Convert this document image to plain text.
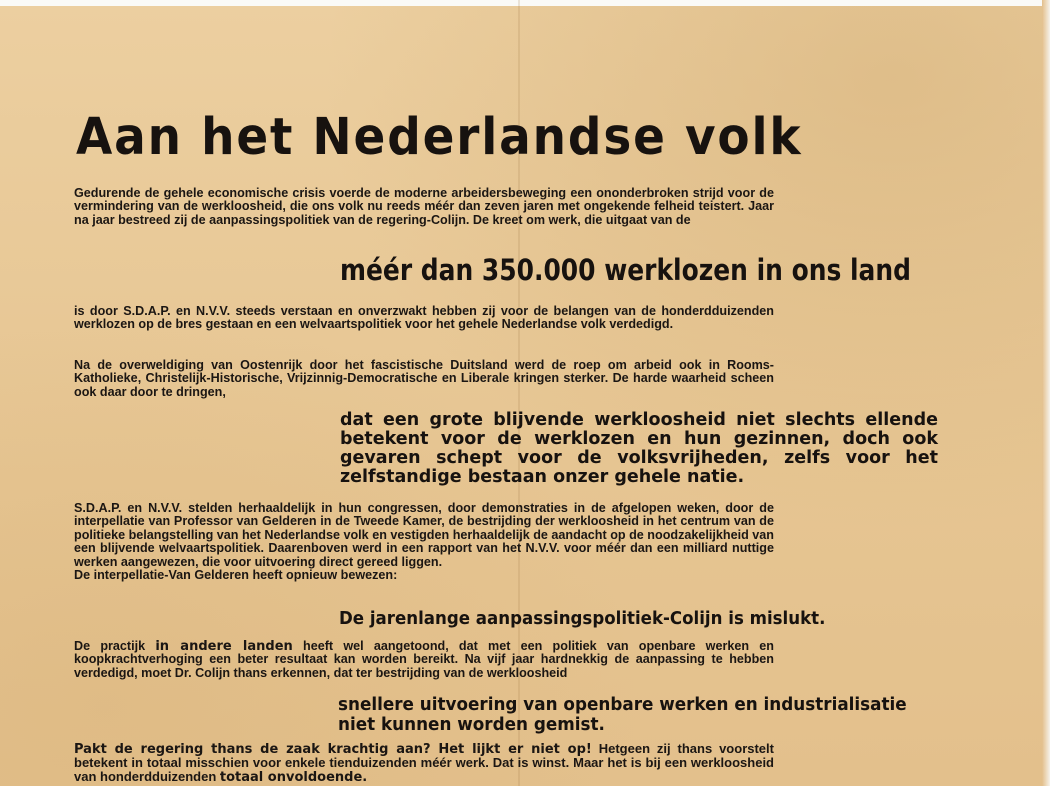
Aan het Nederlandse volk
Gedurende de gehele economische crisis voerde de moderne arbeidersbeweging een ononderbroken strijd voor de vermindering van de werkloosheid, die ons volk nu reeds méér dan zeven jaren met ongekende felheid teistert. Jaar na jaar bestreed zij de aanpassingspolitiek van de regering-Colijn. De kreet om werk, die uitgaat van de
méér dan 350.000 werklozen in ons land
is door S.D.A.P. en N.V.V. steeds verstaan en onverzwakt hebben zij voor de belangen van de honderdduizenden werklozen op de bres gestaan en een welvaartspolitiek voor het gehele Nederlandse volk verdedigd.
Na de overweldiging van Oostenrijk door het fascistische Duitsland werd de roep om arbeid ook in Rooms-Katholieke, Christelijk-Historische, Vrijzinnig-Democratische en Liberale kringen sterker. De harde waarheid scheen ook daar door te dringen,
dat een grote blijvende werkloosheid niet slechts ellende
betekent voor de werklozen en hun gezinnen, doch ook
gevaren schept voor de volksvrijheden, zelfs voor het
zelfstandige bestaan onzer gehele natie.
S.D.A.P. en N.V.V. stelden herhaaldelijk in hun congressen, door demonstraties in de afgelopen weken, door de interpellatie van Professor van Gelderen in de Tweede Kamer, de bestrijding der werkloosheid in het centrum van de politieke belangstelling van het Nederlandse volk en vestigden herhaaldelijk de aandacht op de noodzakelijkheid van een blijvende welvaartspolitiek. Daarenboven werd in een rapport van het N.V.V. voor méér dan een milliard nuttige werken aangewezen, die voor uitvoering direct gereed liggen.
De interpellatie-Van Gelderen heeft opnieuw bewezen:
De jarenlange aanpassingspolitiek-Colijn is mislukt.
De practijk in andere landen heeft wel aangetoond, dat met een politiek van openbare werken en koopkrachtverhoging een beter resultaat kan worden bereikt. Na vijf jaar hardnekkig de aanpassing te hebben verdedigd, moet Dr. Colijn thans erkennen, dat ter bestrijding van de werkloosheid
snellere uitvoering van openbare werken en industrialisatie
niet kunnen worden gemist.
Pakt de regering thans de zaak krachtig aan? Het lijkt er niet op! Hetgeen zij thans voorstelt betekent in totaal misschien voor enkele tienduizenden méér werk. Dat is winst. Maar het is bij een werkloosheid van honderdduizenden totaal onvoldoende.
